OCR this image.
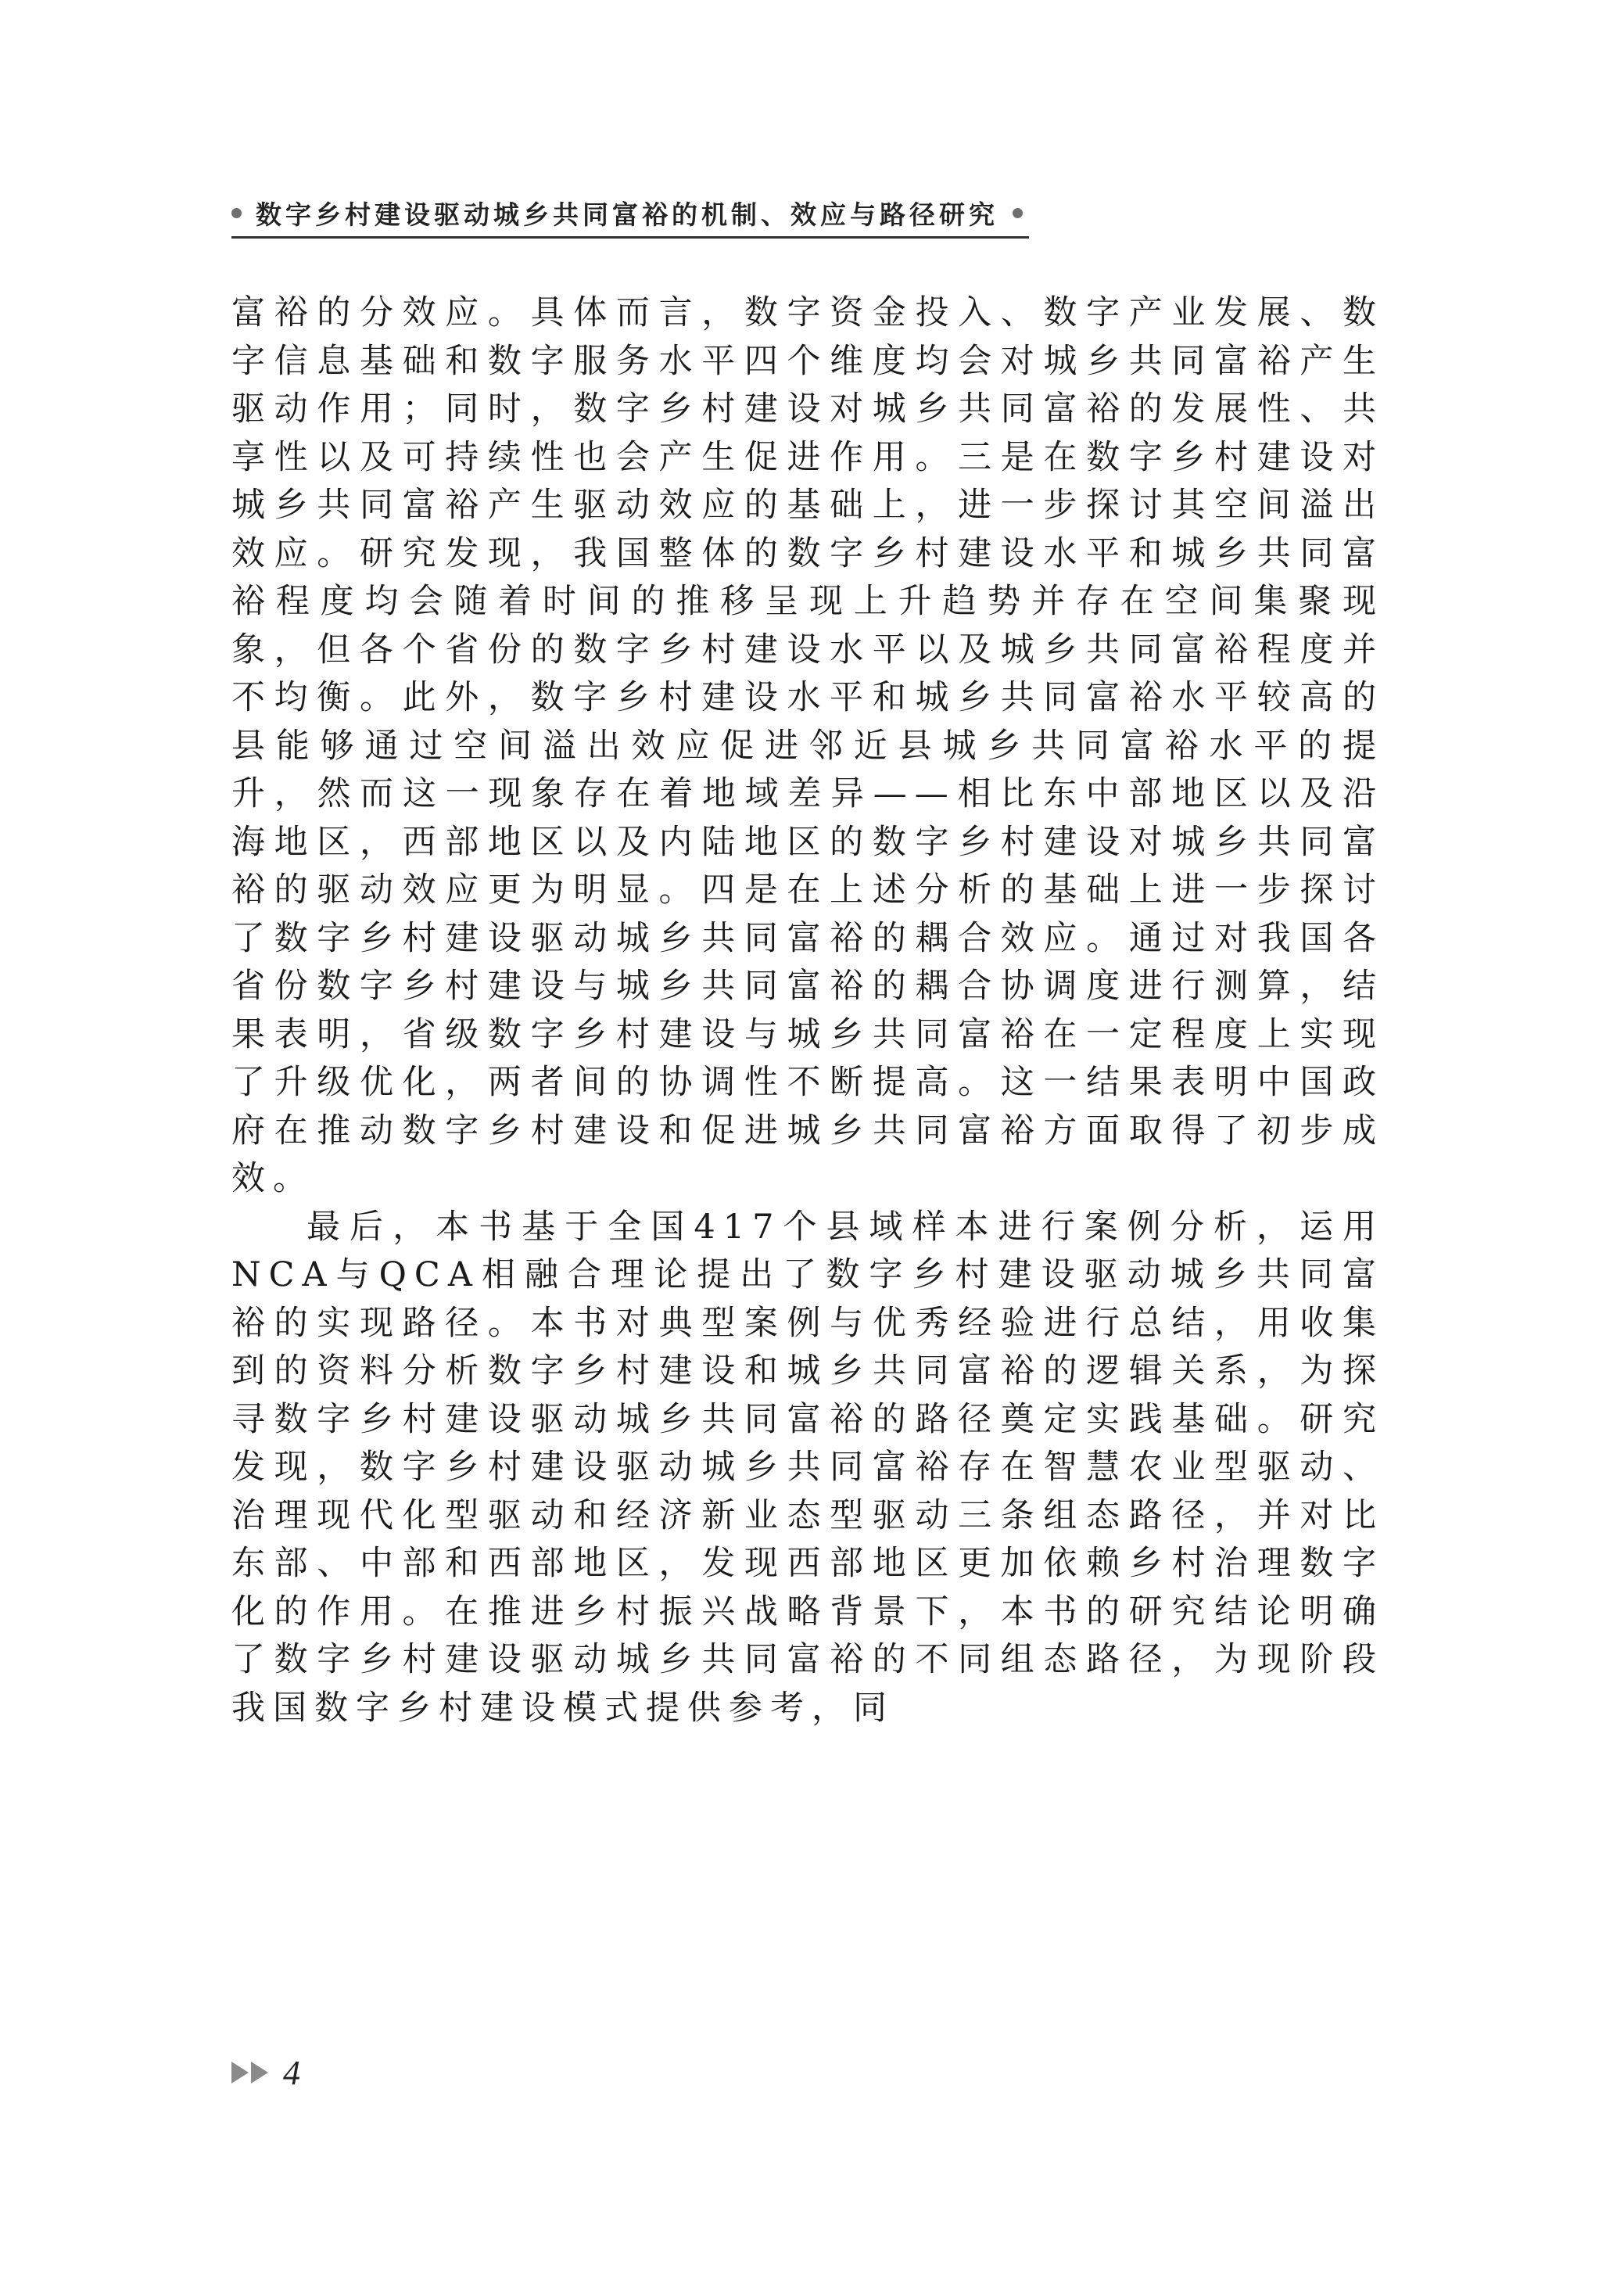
数字乡村建设驱动城乡共同富裕的机制、效应与路径研究

富裕的分效应。具体而言，数字资金投入、数字产业发展、数字信息基础和数字服务水平四个维度均会对城乡共同富裕产生驱动作用；同时，数字乡村建设对城乡共同富裕的发展性、共享性以及可持续性也会产生促进作用。三是在数字乡村建设对城乡共同富裕产生驱动效应的基础上，进一步探讨其空间溢出效应。研究发现，我国整体的数字乡村建设水平和城乡共同富裕程度均会随着时间的推移呈现上升趋势并存在空间集聚现象，但各个省份的数字乡村建设水平以及城乡共同富裕程度并不均衡。此外，数字乡村建设水平和城乡共同富裕水平较高的县能够通过空间溢出效应促进邻近县城乡共同富裕水平的提升，然而这一现象存在着地域差异——相比东中部地区以及沿海地区，西部地区以及内陆地区的数字乡村建设对城乡共同富裕的驱动效应更为明显。四是在上述分析的基础上进一步探讨了数字乡村建设驱动城乡共同富裕的耦合效应。通过对我国各省份数字乡村建设与城乡共同富裕的耦合协调度进行测算，结果表明，省级数字乡村建设与城乡共同富裕在一定程度上实现了升级优化，两者间的协调性不断提高。这一结果表明中国政府在推动数字乡村建设和促进城乡共同富裕方面取得了初步成效。

最后，本书基于全国417个县域样本进行案例分析，运用NCA与QCA相融合理论提出了数字乡村建设驱动城乡共同富裕的实现路径。本书对典型案例与优秀经验进行总结，用收集到的资料分析数字乡村建设和城乡共同富裕的逻辑关系，为探寻数字乡村建设驱动城乡共同富裕的路径奠定实践基础。研究发现，数字乡村建设驱动城乡共同富裕存在智慧农业型驱动、治理现代化型驱动和经济新业态型驱动三条组态路径，并对比东部、中部和西部地区，发现西部地区更加依赖乡村治理数字化的作用。在推进乡村振兴战略背景下，本书的研究结论明确了数字乡村建设驱动城乡共同富裕的不同组态路径，为现阶段我国数字乡村建设模式提供参考，同

4
